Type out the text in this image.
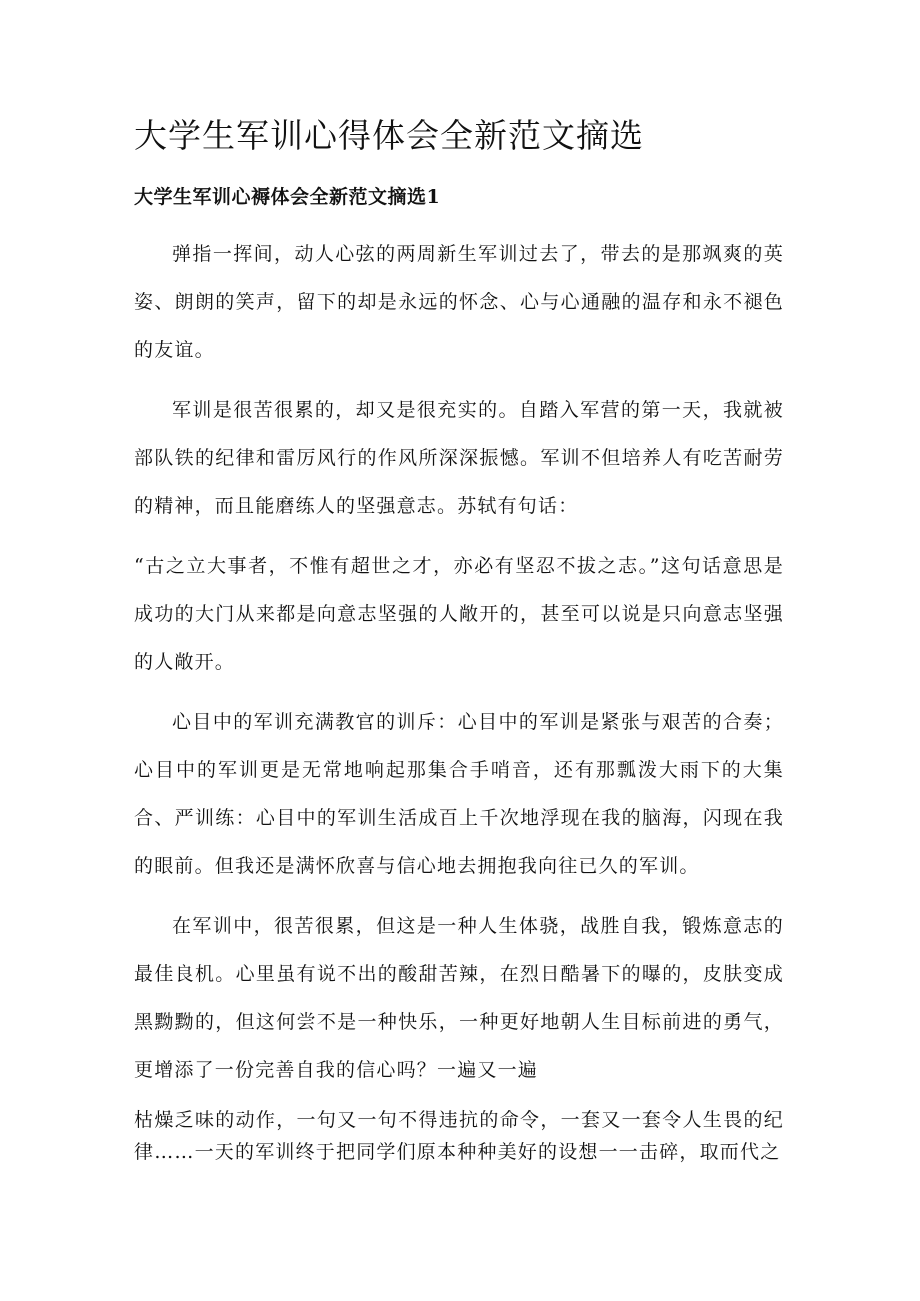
大学生军训心得体会全新范文摘选
大学生军训心褥体会全新范文摘选1

弹指一挥间，动人心弦的两周新生军训过去了，带去的是那飒爽的英姿、朗朗的笑声，留下的却是永远的怀念、心与心通融的温存和永不褪色的友谊。

军训是很苦很累的，却又是很充实的。自踏入军营的第一天，我就被部队铁的纪律和雷厉风行的作风所深深振憾。军训不但培养人有吃苦耐劳的精神，而且能磨练人的坚强意志。苏轼有句话：

“古之立大事者，不惟有超世之才，亦必有坚忍不拔之志。”这句话意思是成功的大门从来都是向意志坚强的人敞开的，甚至可以说是只向意志坚强的人敞开。

心目中的军训充满教官的训斥：心目中的军训是紧张与艰苦的合奏；心目中的军训更是无常地响起那集合手哨音，还有那瓢泼大雨下的大集合、严训练：心目中的军训生活成百上千次地浮现在我的脑海，闪现在我的眼前。但我还是满怀欣喜与信心地去拥抱我向往已久的军训。

在军训中，很苦很累，但这是一种人生体骁，战胜自我，锻炼意志的最佳良机。心里虽有说不出的酸甜苦辣，在烈日酷暑下的曝的，皮肤变成黑黝黝的，但这何尝不是一种快乐，一种更好地朝人生目标前进的勇气，更增添了一份完善自我的信心吗？一遍又一遍

枯燥乏味的动作，一句又一句不得违抗的命令，一套又一套令人生畏的纪律……一天的军训终于把同学们原本种种美好的设想一一击碎，取而代之
